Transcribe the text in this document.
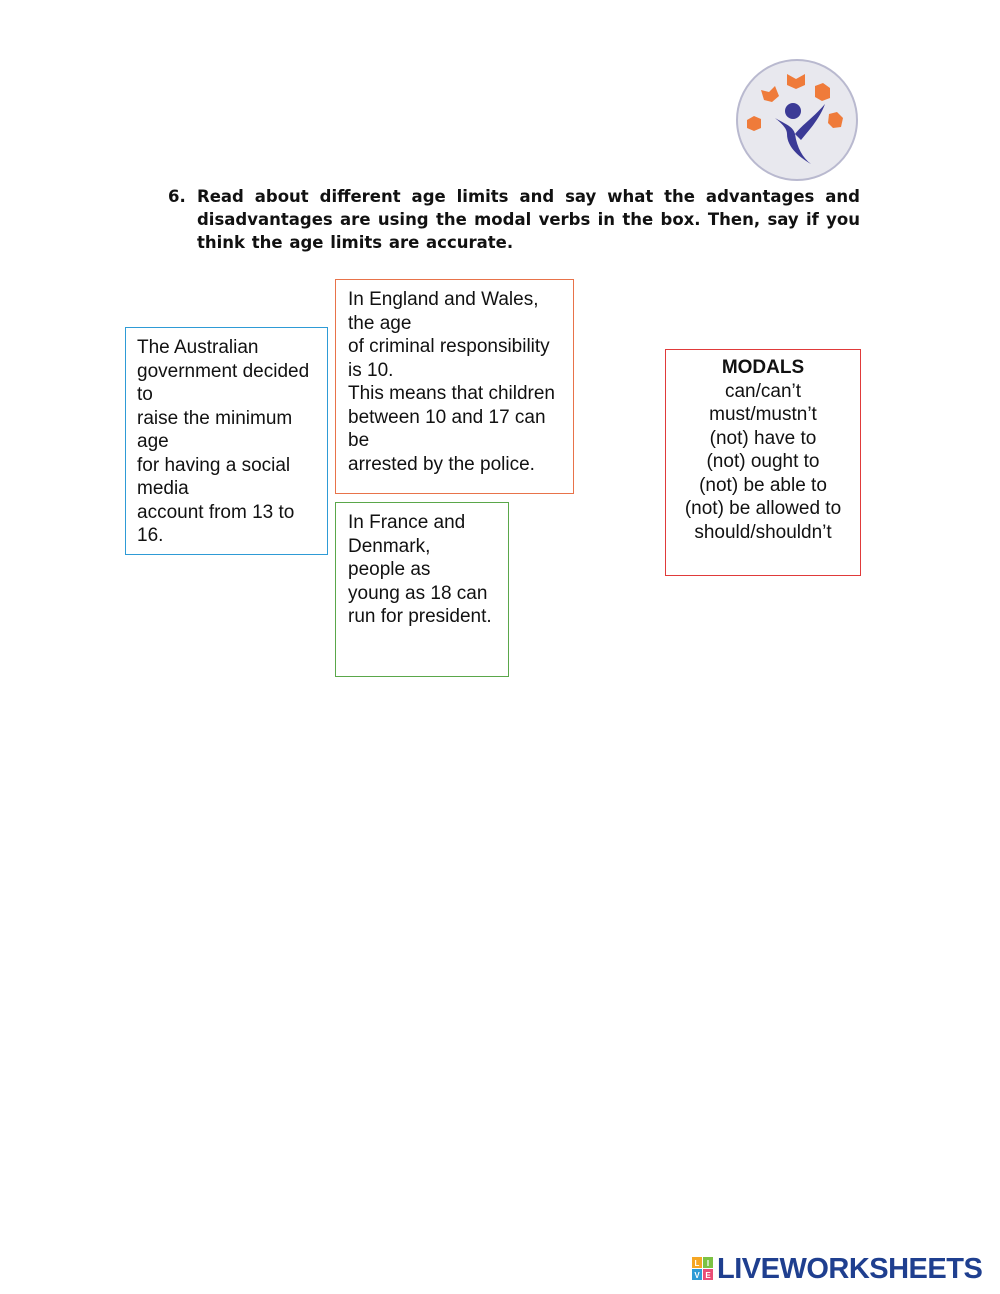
6. Read about different age limits and say what the advantages and disadvantages are using the modal verbs in the box. Then, say if you think the age limits are accurate.
The Australian
government decided
to
raise the minimum
age
for having a social
media
account from 13 to
16.
In England and Wales,
the age
of criminal responsibility
is 10.
This means that children
between 10 and 17 can
be
arrested by the police.
In France and
Denmark,
people as
young as 18 can
run for president.
MODALS
can/can’t
must/mustn’t
(not) have to
(not) ought to
(not) be able to
(not) be allowed to
should/shouldn’t
L I
V E LIVEWORKSHEETS
